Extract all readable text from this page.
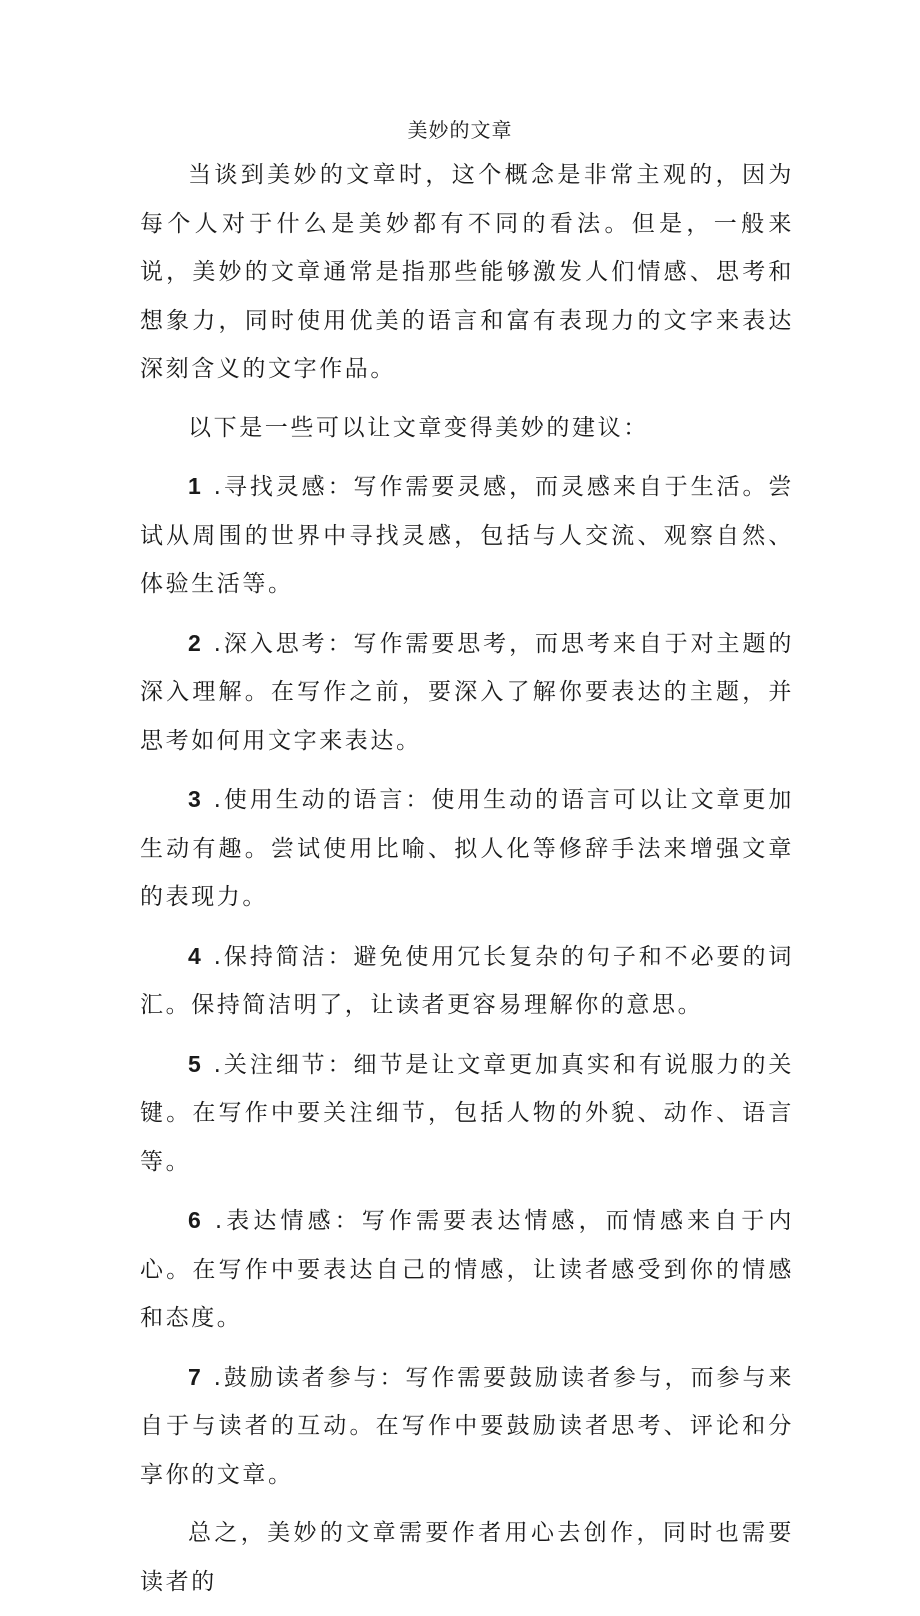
美妙的文章

当谈到美妙的文章时，这个概念是非常主观的，因为每个人对于什么是美妙都有不同的看法。但是，一般来说，美妙的文章通常是指那些能够激发人们情感、思考和想象力，同时使用优美的语言和富有表现力的文字来表达深刻含义的文字作品。

以下是一些可以让文章变得美妙的建议：

1 .寻找灵感：写作需要灵感，而灵感来自于生活。尝试从周围的世界中寻找灵感，包括与人交流、观察自然、体验生活等。

2 .深入思考：写作需要思考，而思考来自于对主题的深入理解。在写作之前，要深入了解你要表达的主题，并思考如何用文字来表达。

3 .使用生动的语言：使用生动的语言可以让文章更加生动有趣。尝试使用比喻、拟人化等修辞手法来增强文章的表现力。

4 .保持简洁：避免使用冗长复杂的句子和不必要的词汇。保持简洁明了，让读者更容易理解你的意思。

5 .关注细节：细节是让文章更加真实和有说服力的关键。在写作中要关注细节，包括人物的外貌、动作、语言等。

6 .表达情感：写作需要表达情感，而情感来自于内心。在写作中要表达自己的情感，让读者感受到你的情感和态度。

7 .鼓励读者参与：写作需要鼓励读者参与，而参与来自于与读者的互动。在写作中要鼓励读者思考、评论和分享你的文章。

总之，美妙的文章需要作者用心去创作，同时也需要读者的
